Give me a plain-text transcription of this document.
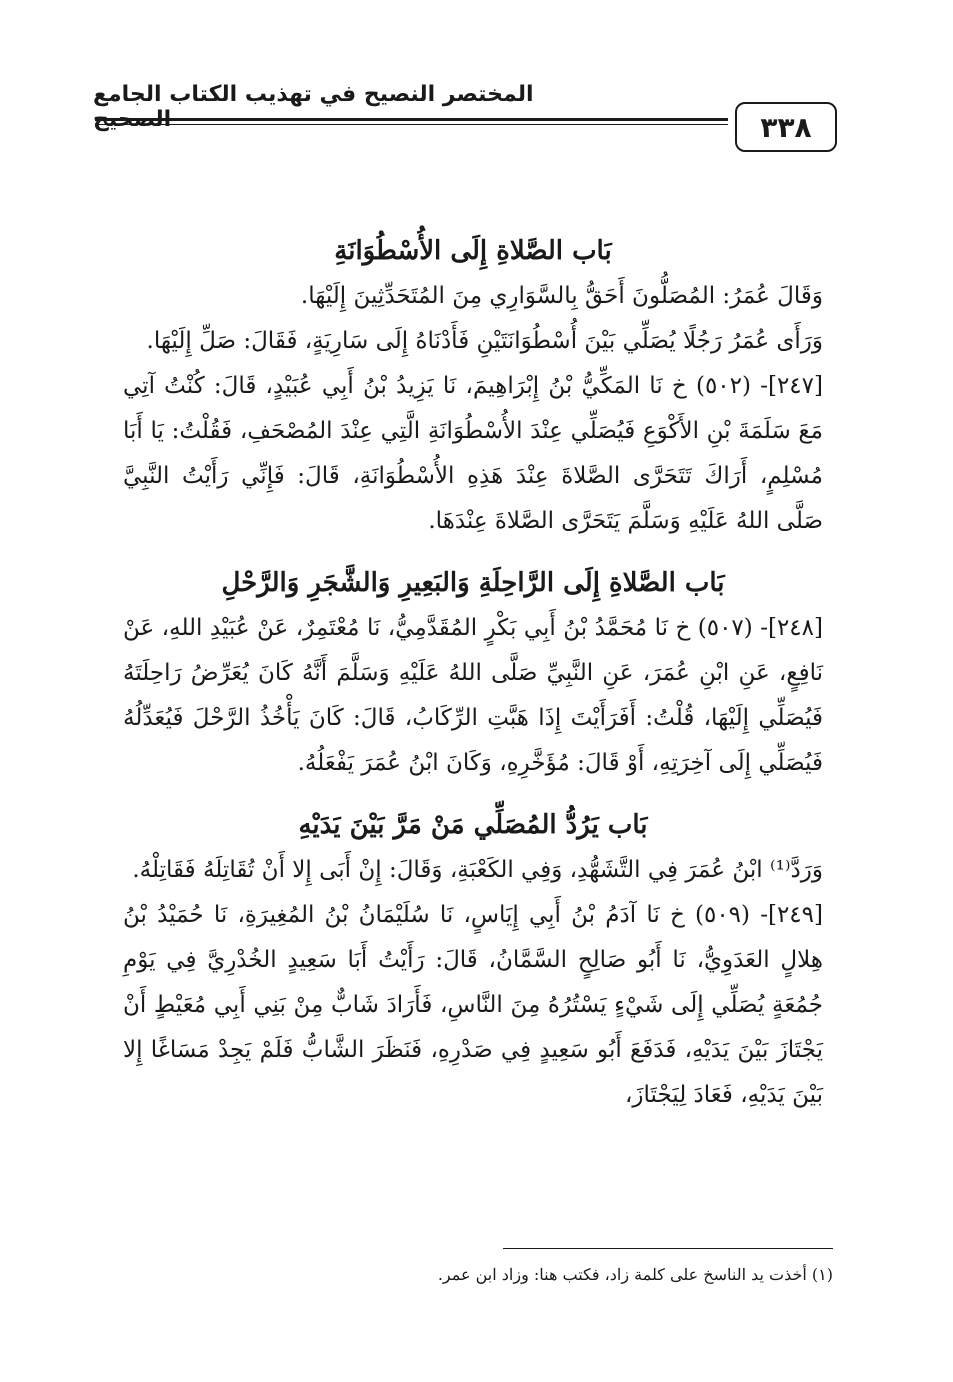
المختصر النصيح في تهذيب الكتاب الجامع الصحيح	٣٣٨

بَاب الصَّلاةِ إِلَى الأُسْطُوَانَةِ

وَقَالَ عُمَرُ: المُصَلُّونَ أَحَقُّ بِالسَّوَارِي مِنَ المُتَحَدِّثِينَ إِلَيْهَا.

وَرَأَى عُمَرُ رَجُلًا يُصَلِّي بَيْنَ أُسْطُوَانَتَيْنِ فَأَدْنَاهُ إِلَى سَارِيَةٍ، فَقَالَ: صَلِّ إِلَيْهَا.

[٢٤٧]- (٥٠٢) خ نَا المَكِّيُّ بْنُ إِبْرَاهِيمَ، نَا يَزِيدُ بْنُ أَبِي عُبَيْدٍ، قَالَ: كُنْتُ آتِي مَعَ سَلَمَةَ بْنِ الأَكْوَعِ فَيُصَلِّي عِنْدَ الأُسْطُوَانَةِ الَّتِي عِنْدَ المُصْحَفِ، فَقُلْتُ: يَا أَبَا مُسْلِمٍ، أَرَاكَ تَتَحَرَّى الصَّلاةَ عِنْدَ هَذِهِ الأُسْطُوَانَةِ، قَالَ: فَإِنِّي رَأَيْتُ النَّبِيَّ صَلَّى اللهُ عَلَيْهِ وَسَلَّمَ يَتَحَرَّى الصَّلاةَ عِنْدَهَا.

بَاب الصَّلاةِ إِلَى الرَّاحِلَةِ وَالبَعِيرِ وَالشَّجَرِ وَالرَّحْلِ

[٢٤٨]- (٥٠٧) خ نَا مُحَمَّدُ بْنُ أَبِي بَكْرٍ المُقَدَّمِيُّ، نَا مُعْتَمِرٌ، عَنْ عُبَيْدِ اللهِ، عَنْ نَافِعٍ، عَنِ ابْنِ عُمَرَ، عَنِ النَّبِيِّ صَلَّى اللهُ عَلَيْهِ وَسَلَّمَ أَنَّهُ كَانَ يُعَرِّضُ رَاحِلَتَهُ فَيُصَلِّي إِلَيْهَا، قُلْتُ: أَفَرَأَيْتَ إِذَا هَبَّتِ الرِّكَابُ، قَالَ: كَانَ يَأْخُذُ الرَّحْلَ فَيُعَدِّلُهُ فَيُصَلِّي إِلَى آخِرَتِهِ، أَوْ قَالَ: مُؤَخَّرِهِ، وَكَانَ ابْنُ عُمَرَ يَفْعَلُهُ.

بَاب يَرُدُّ المُصَلِّي مَنْ مَرَّ بَيْنَ يَدَيْهِ

وَرَدَّ⁽¹⁾ ابْنُ عُمَرَ فِي التَّشَهُّدِ، وَفِي الكَعْبَةِ، وَقَالَ: إِنْ أَبَى إِلا أَنْ تُقَاتِلَهُ فَقَاتِلْهُ.

[٢٤٩]- (٥٠٩) خ نَا آدَمُ بْنُ أَبِي إِيَاسٍ، نَا سُلَيْمَانُ بْنُ المُغِيرَةِ، نَا حُمَيْدُ بْنُ هِلالٍ العَدَوِيُّ، نَا أَبُو صَالِحٍ السَّمَّانُ، قَالَ: رَأَيْتُ أَبَا سَعِيدٍ الخُدْرِيَّ فِي يَوْمِ جُمُعَةٍ يُصَلِّي إِلَى شَيْءٍ يَسْتُرُهُ مِنَ النَّاسِ، فَأَرَادَ شَابٌّ مِنْ بَنِي أَبِي مُعَيْطٍ أَنْ يَجْتَازَ بَيْنَ يَدَيْهِ، فَدَفَعَ أَبُو سَعِيدٍ فِي صَدْرِهِ، فَنَظَرَ الشَّابُّ فَلَمْ يَجِدْ مَسَاغًا إِلا بَيْنَ يَدَيْهِ، فَعَادَ لِيَجْتَازَ،

(١) أخذت يد الناسخ على كلمة زاد، فكتب هنا: وزاد ابن عمر.
